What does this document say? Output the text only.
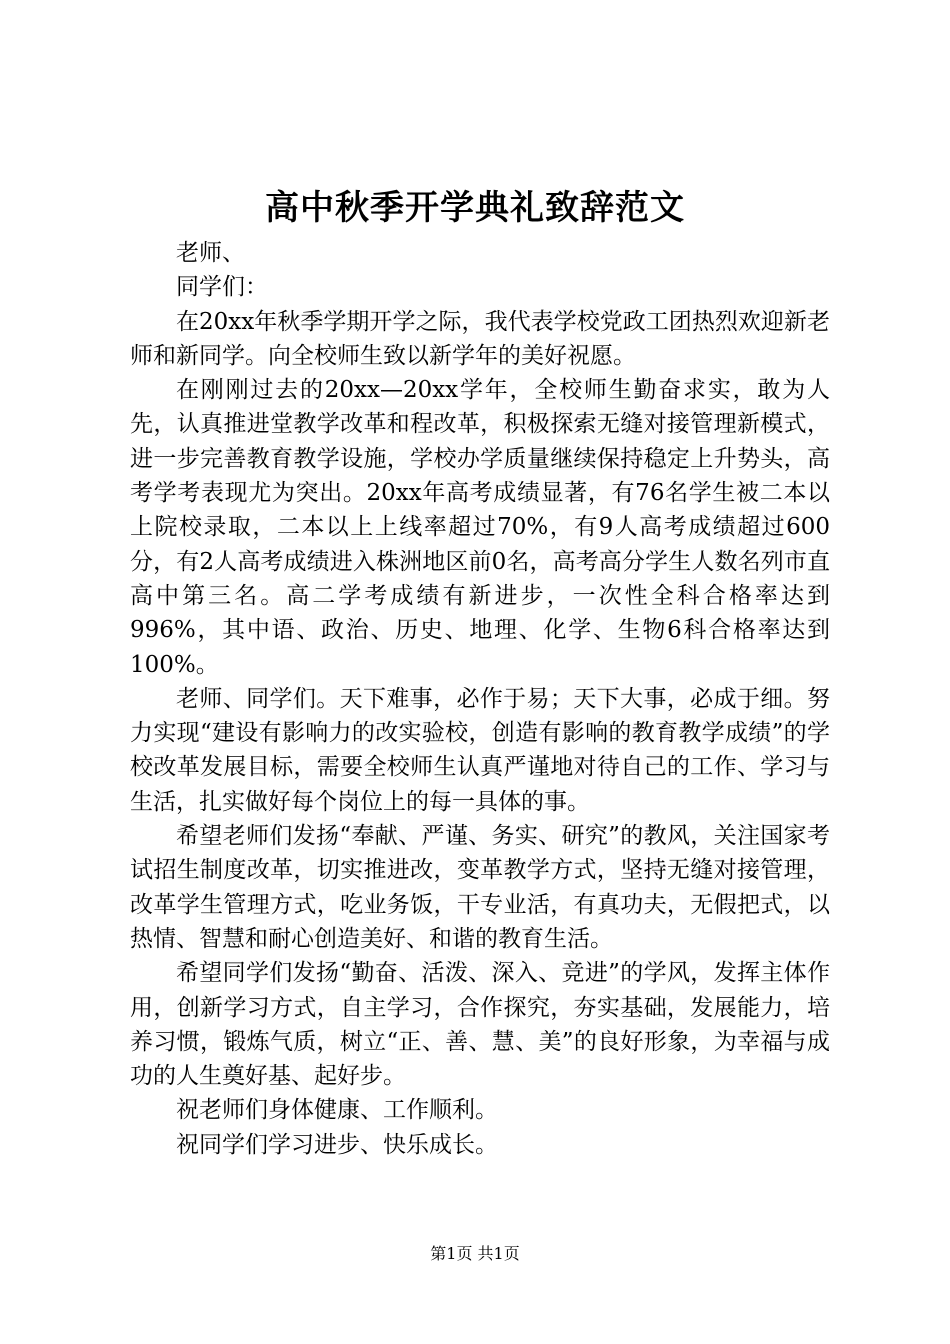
高中秋季开学典礼致辞范文

老师、

同学们：

在20xx年秋季学期开学之际，我代表学校党政工团热烈欢迎新老师和新同学。向全校师生致以新学年的美好祝愿。

在刚刚过去的20xx—20xx学年，全校师生勤奋求实，敢为人先，认真推进堂教学改革和程改革，积极探索无缝对接管理新模式，进一步完善教育教学设施，学校办学质量继续保持稳定上升势头，高考学考表现尤为突出。20xx年高考成绩显著，有76名学生被二本以上院校录取，二本以上上线率超过70%，有9人高考成绩超过600分，有2人高考成绩进入株洲地区前0名，高考高分学生人数名列市直高中第三名。高二学考成绩有新进步，一次性全科合格率达到996%，其中语、政治、历史、地理、化学、生物6科合格率达到100%。

老师、同学们。天下难事，必作于易；天下大事，必成于细。努力实现“建设有影响力的改实验校，创造有影响的教育教学成绩”的学校改革发展目标，需要全校师生认真严谨地对待自己的工作、学习与生活，扎实做好每个岗位上的每一具体的事。

希望老师们发扬“奉献、严谨、务实、研究”的教风，关注国家考试招生制度改革，切实推进改，变革教学方式，坚持无缝对接管理，改革学生管理方式，吃业务饭，干专业活，有真功夫，无假把式，以热情、智慧和耐心创造美好、和谐的教育生活。

希望同学们发扬“勤奋、活泼、深入、竞进”的学风，发挥主体作用，创新学习方式，自主学习，合作探究，夯实基础，发展能力，培养习惯，锻炼气质，树立“正、善、慧、美”的良好形象，为幸福与成功的人生奠好基、起好步。

祝老师们身体健康、工作顺利。

祝同学们学习进步、快乐成长。

第1页 共1页
